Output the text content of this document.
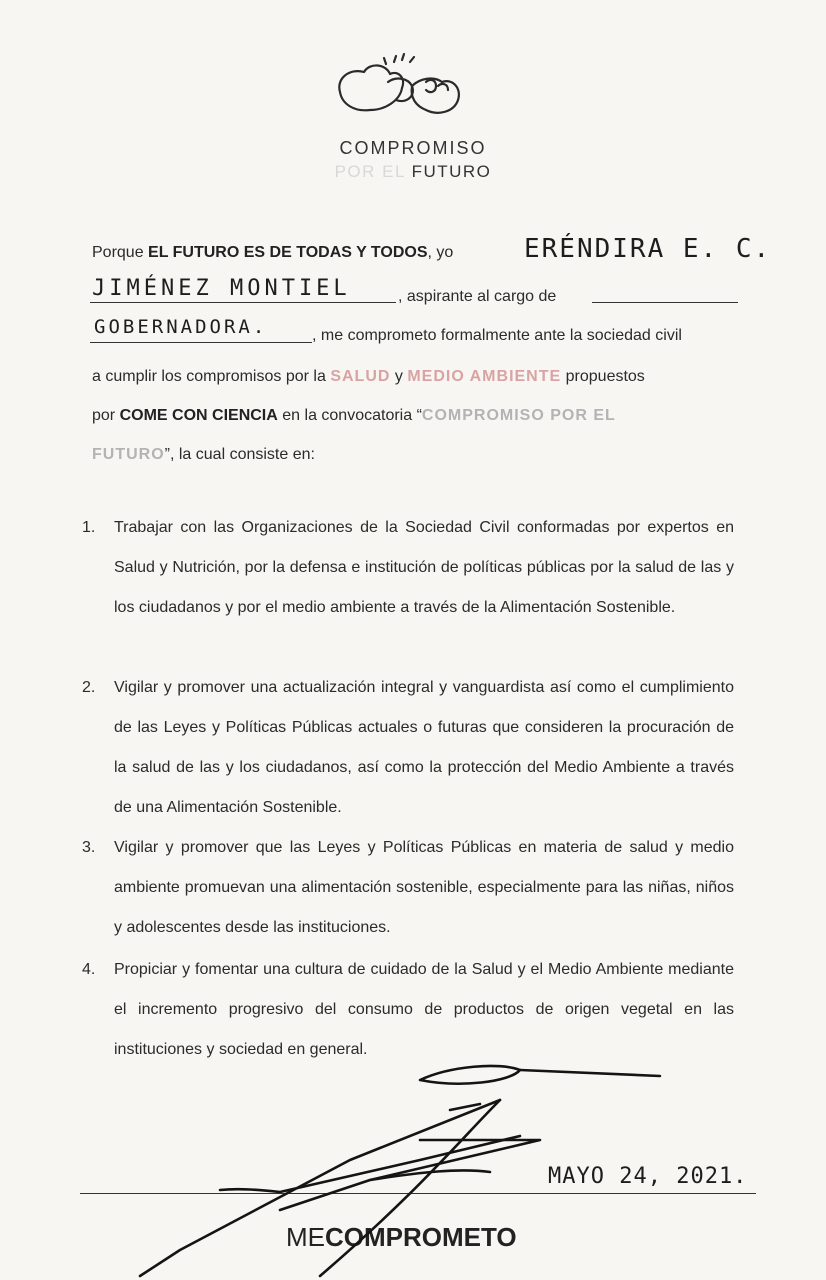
COMPROMISO
POR EL FUTURO
Porque EL FUTURO ES DE TODAS Y TODOS, yo	ERÉNDIRA E. C.
JIMÉNEZ MONTIEL	, aspirante al cargo de
GOBERNADORA.	, me comprometo formalmente ante la sociedad civil
a cumplir los compromisos por la SALUD y MEDIO AMBIENTE propuestos
por COME CON CIENCIA en la convocatoria “COMPROMISO POR EL
FUTURO”, la cual consiste en:
1. Trabajar con las Organizaciones de la Sociedad Civil conformadas por expertos en Salud y Nutrición, por la defensa e institución de políticas públicas por la salud de las y los ciudadanos y por el medio ambiente a través de la Alimentación Sostenible.
2. Vigilar y promover una actualización integral y vanguardista así como el cumplimiento de las Leyes y Políticas Públicas actuales o futuras que consideren la procuración de la salud de las y los ciudadanos, así como la protección del Medio Ambiente a través de una Alimentación Sostenible.
3. Vigilar y promover que las Leyes y Políticas Públicas en materia de salud y medio ambiente promuevan una alimentación sostenible, especialmente para las niñas, niños y adolescentes desde las instituciones.
4. Propiciar y fomentar una cultura de cuidado de la Salud y el Medio Ambiente mediante el incremento progresivo del consumo de productos de origen vegetal en las instituciones y sociedad en general.
MAYO 24, 2021.
MECOMPROMETO
